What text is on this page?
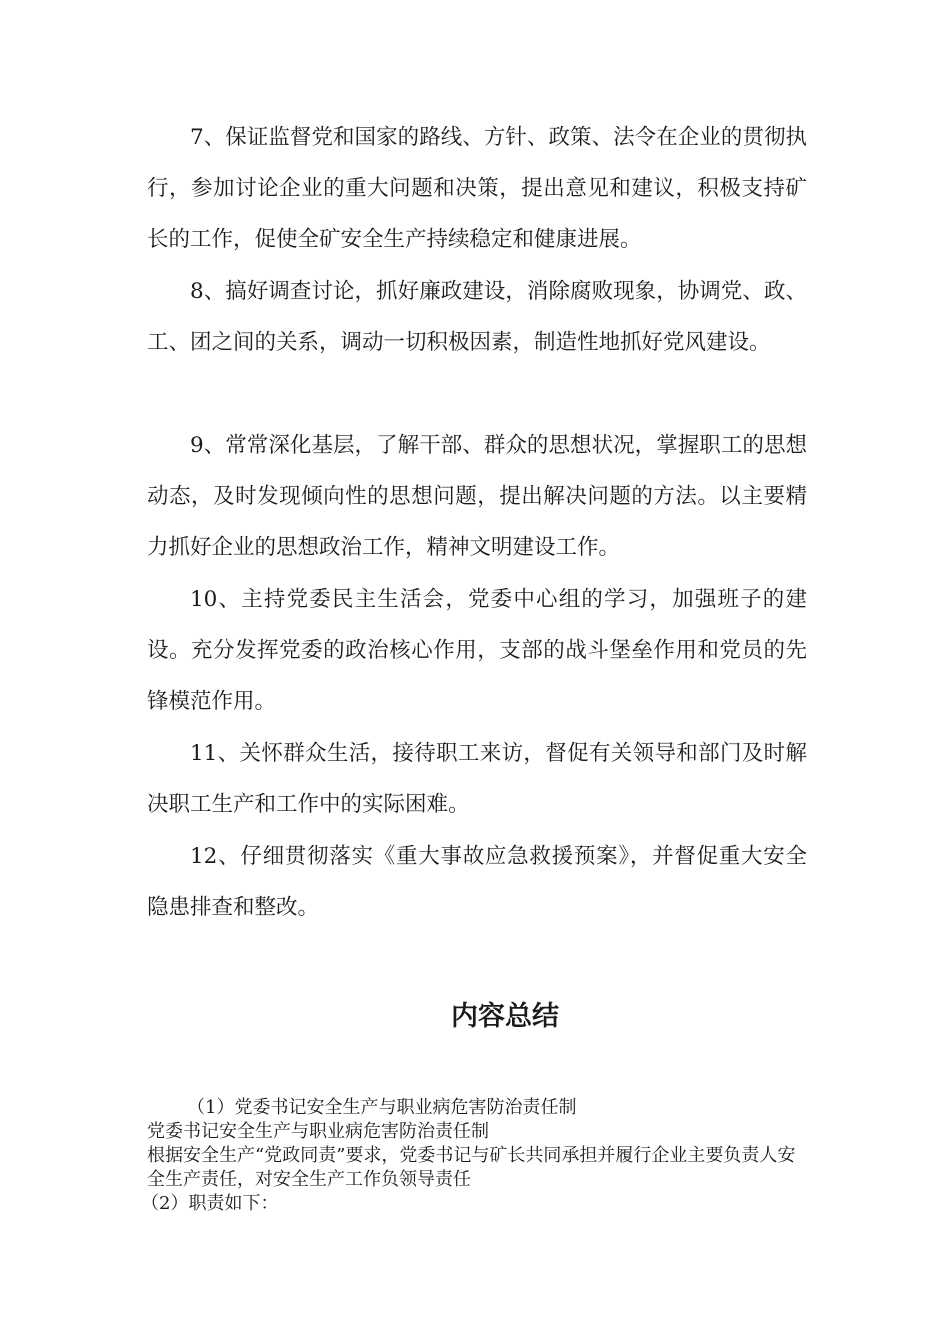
7、保证监督党和国家的路线、方针、政策、法令在企业的贯彻执行，参加讨论企业的重大问题和决策，提出意见和建议，积极支持矿长的工作，促使全矿安全生产持续稳定和健康进展。

8、搞好调查讨论，抓好廉政建设，消除腐败现象，协调党、政、工、团之间的关系，调动一切积极因素，制造性地抓好党风建设。

9、常常深化基层，了解干部、群众的思想状况，掌握职工的思想动态，及时发现倾向性的思想问题，提出解决问题的方法。以主要精力抓好企业的思想政治工作，精神文明建设工作。

10、主持党委民主生活会，党委中心组的学习，加强班子的建设。充分发挥党委的政治核心作用，支部的战斗堡垒作用和党员的先锋模范作用。

11、关怀群众生活，接待职工来访，督促有关领导和部门及时解决职工生产和工作中的实际困难。

12、仔细贯彻落实《重大事故应急救援预案》，并督促重大安全隐患排查和整改。

内容总结

（1）党委书记安全生产与职业病危害防治责任制

党委书记安全生产与职业病危害防治责任制

根据安全生产“党政同责”要求，党委书记与矿长共同承担并履行企业主要负责人安全生产责任，对安全生产工作负领导责任

（2）职责如下：
